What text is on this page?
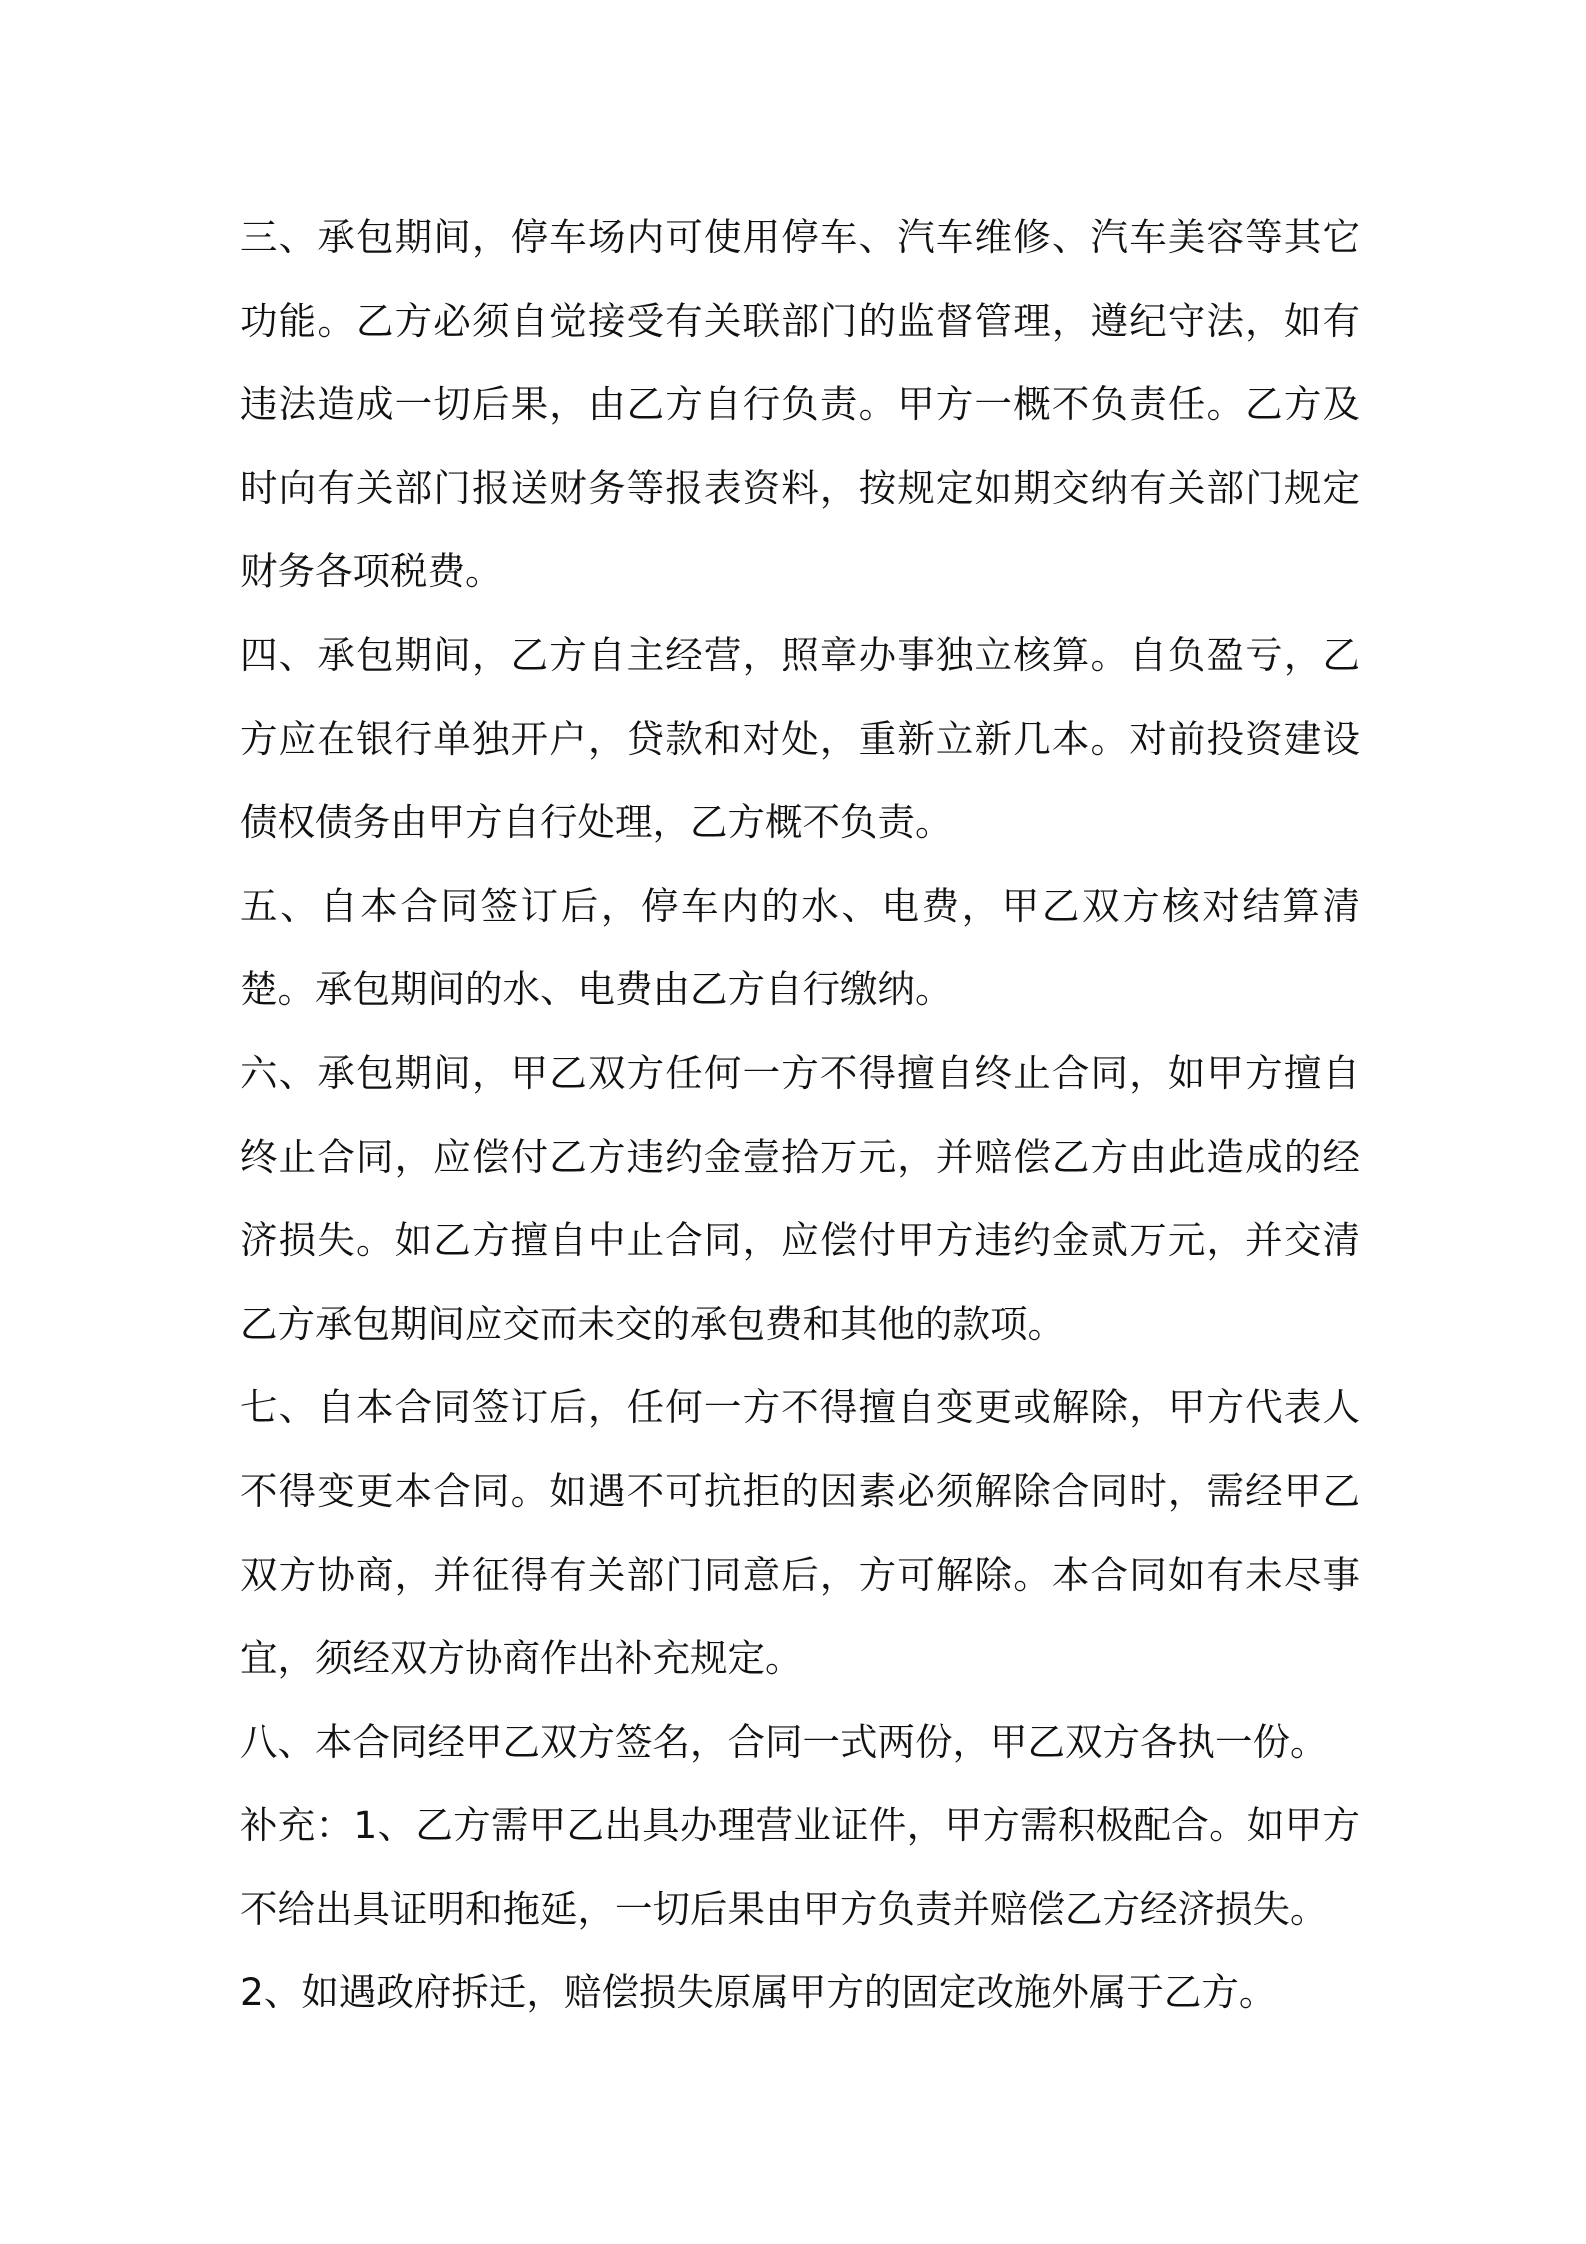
三、承包期间，停车场内可使用停车、汽车维修、汽车美容等其它功能。乙方必须自觉接受有关联部门的监督管理，遵纪守法，如有违法造成一切后果，由乙方自行负责。甲方一概不负责任。乙方及时向有关部门报送财务等报表资料，按规定如期交纳有关部门规定财务各项税费。

四、承包期间，乙方自主经营，照章办事独立核算。自负盈亏，乙方应在银行单独开户，贷款和对处，重新立新几本。对前投资建设债权债务由甲方自行处理，乙方概不负责。

五、自本合同签订后，停车内的水、电费，甲乙双方核对结算清楚。承包期间的水、电费由乙方自行缴纳。

六、承包期间，甲乙双方任何一方不得擅自终止合同，如甲方擅自终止合同，应偿付乙方违约金壹拾万元，并赔偿乙方由此造成的经济损失。如乙方擅自中止合同，应偿付甲方违约金贰万元，并交清乙方承包期间应交而未交的承包费和其他的款项。

七、自本合同签订后，任何一方不得擅自变更或解除，甲方代表人不得变更本合同。如遇不可抗拒的因素必须解除合同时，需经甲乙双方协商，并征得有关部门同意后，方可解除。本合同如有未尽事宜，须经双方协商作出补充规定。

八、本合同经甲乙双方签名，合同一式两份，甲乙双方各执一份。

补充：1、乙方需甲乙出具办理营业证件，甲方需积极配合。如甲方不给出具证明和拖延，一切后果由甲方负责并赔偿乙方经济损失。

2、如遇政府拆迁，赔偿损失原属甲方的固定改施外属于乙方。
